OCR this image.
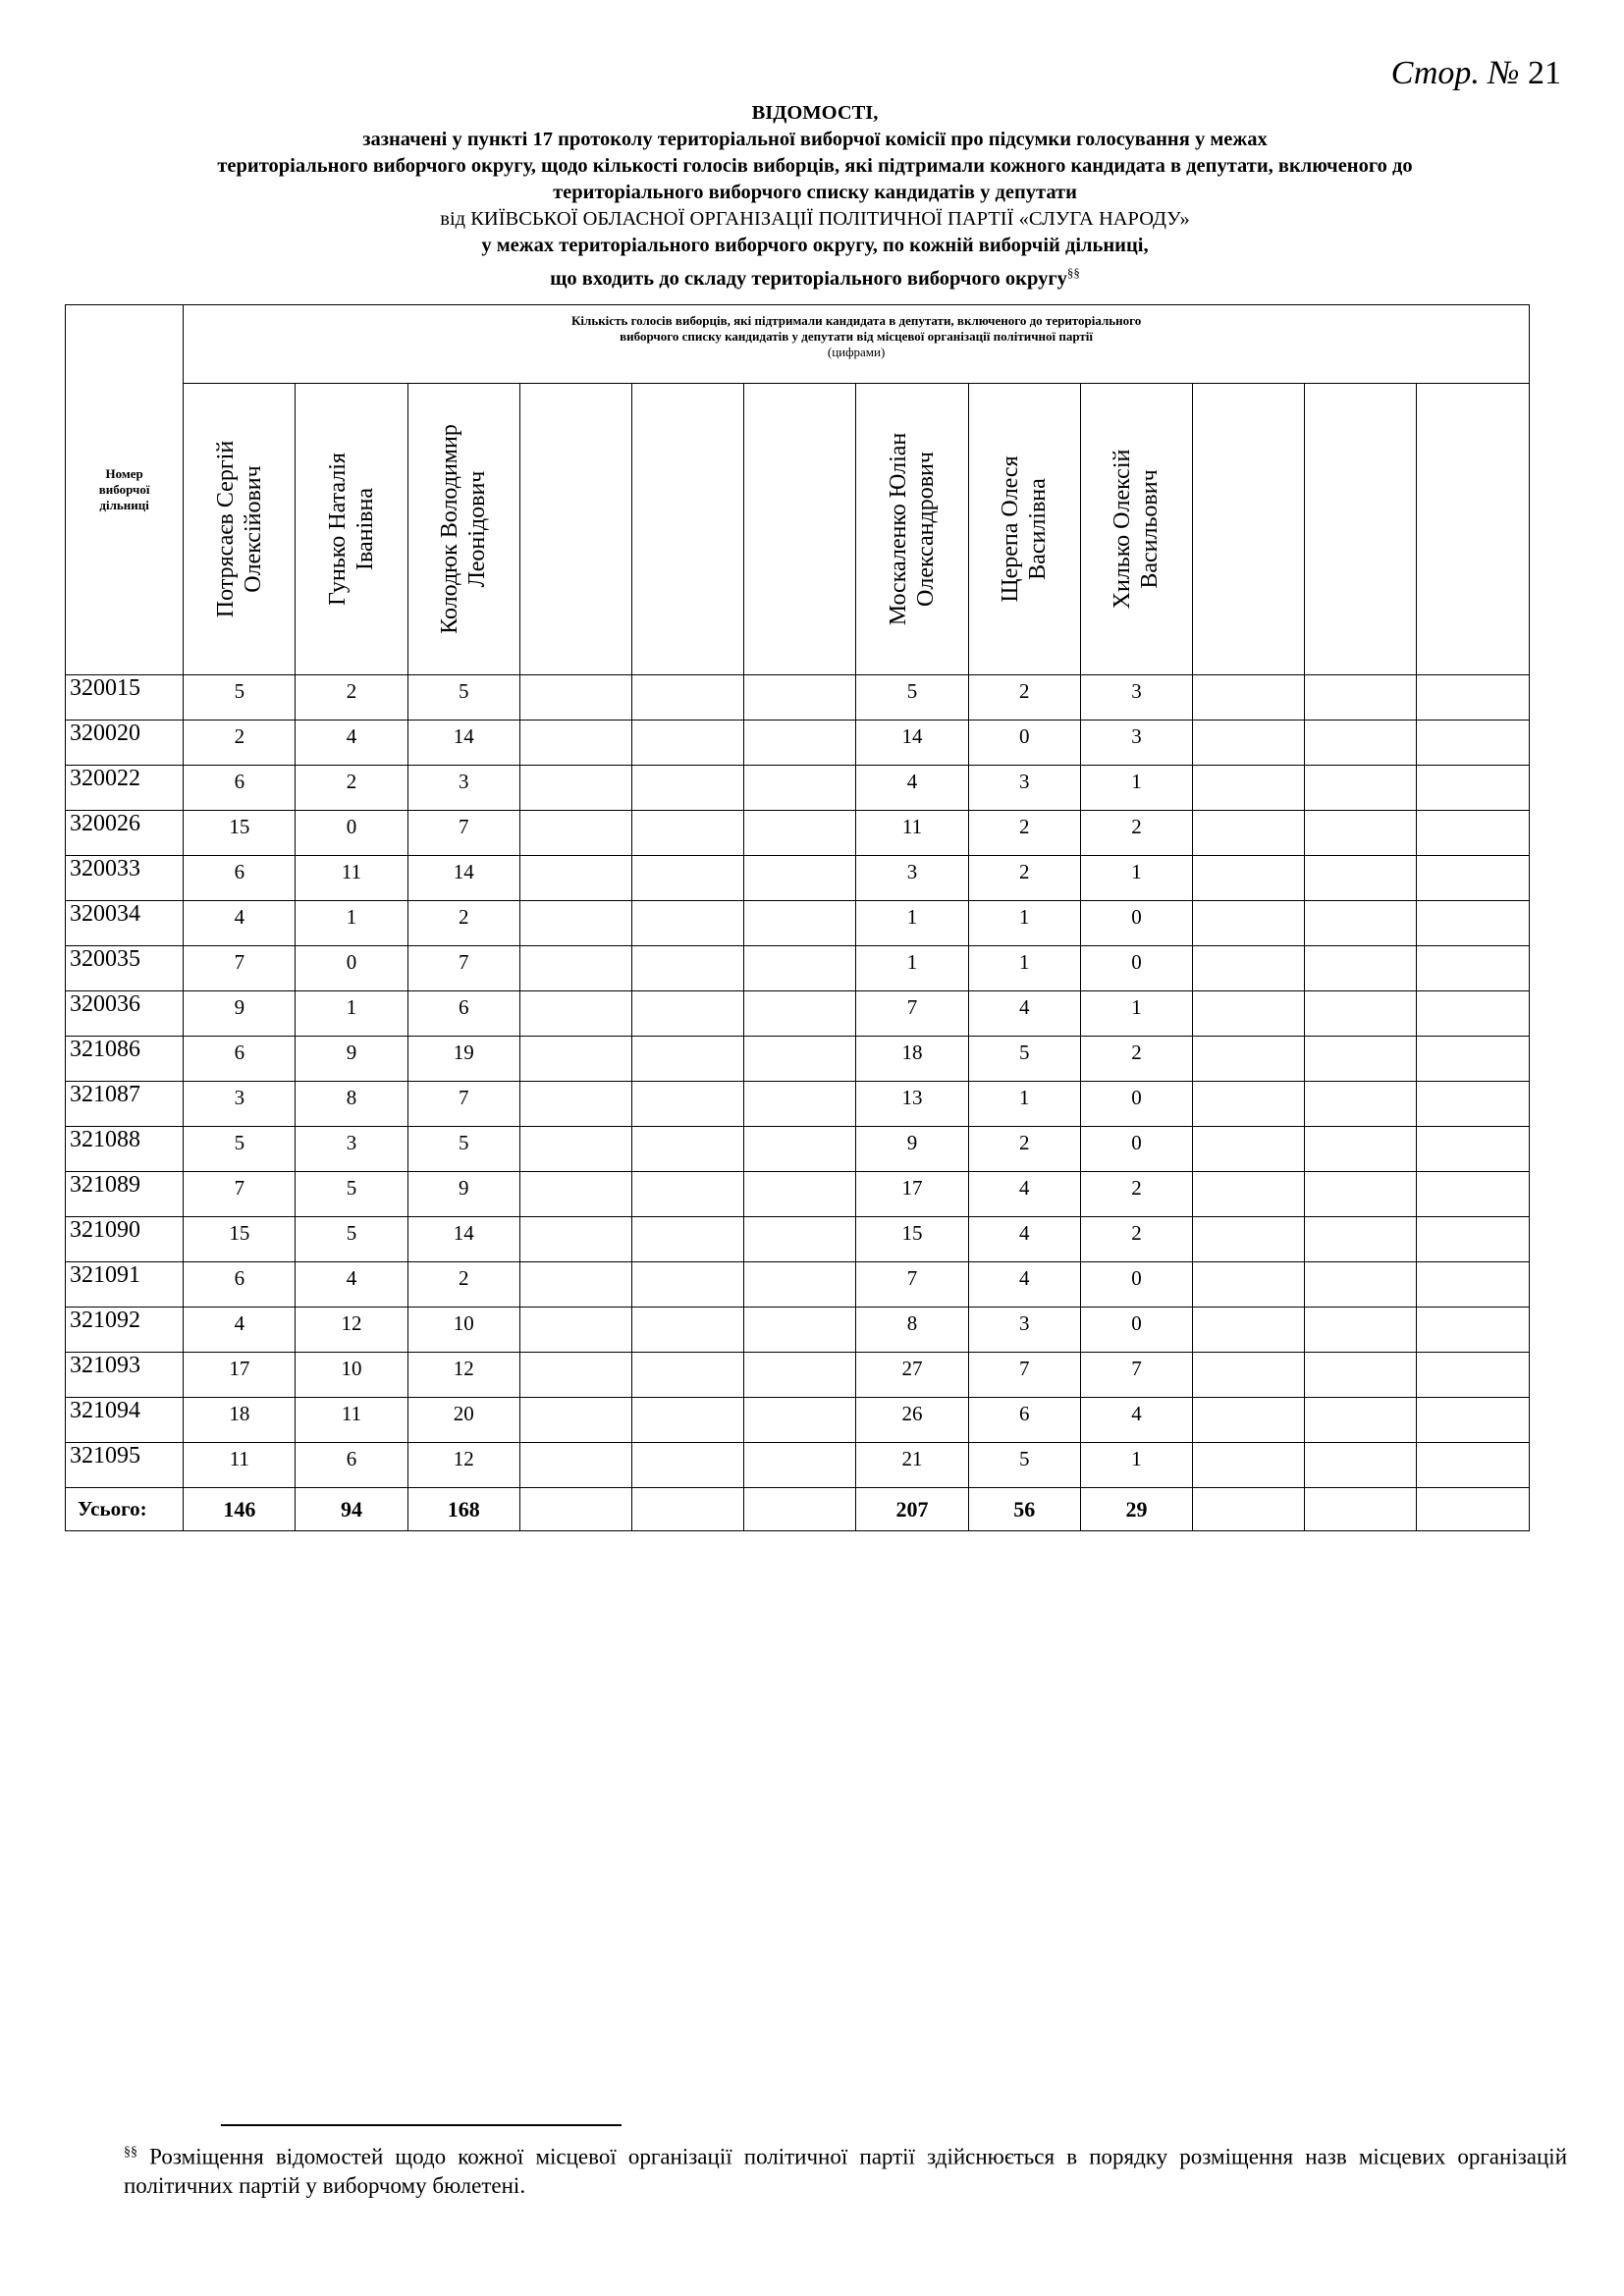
Стор. № 21
ВІДОМОСТІ,
зазначені у пункті 17 протоколу територіальної виборчої комісії про підсумки голосування у межах
територіального виборчого округу, щодо кількості голосів виборців, які підтримали кожного кандидата в депутати, включеного до
територіального виборчого списку кандидатів у депутати
від КИЇВСЬКОЇ ОБЛАСНОЇ ОРГАНІЗАЦІЇ ПОЛІТИЧНОЇ ПАРТІЇ «СЛУГА НАРОДУ»
у межах територіального виборчого округу, по кожній виборчій дільниці,
що входить до складу територіального виборчого округу§§
Номер
виборчої
дільниці	Кількість голосів виборців, які підтримали кандидата в депутати, включеного до територіального
виборчого списку кандидатів у депутати від місцевої організації політичної партії
(цифрами)											

	Потрясаєв Сергій Олексійович	Гунько Наталія Іванівна	Колодюк Володимир Леонідович				Москаленко Юліан Олександрович	Щерепа Олеся Василівна	Хилько Олексій Васильович			

320015	5	2	5				5	2	3			
320020	2	4	14				14	0	3			
320022	6	2	3				4	3	1			
320026	15	0	7				11	2	2			
320033	6	11	14				3	2	1			
320034	4	1	2				1	1	0			
320035	7	0	7				1	1	0			
320036	9	1	6				7	4	1			
321086	6	9	19				18	5	2			
321087	3	8	7				13	1	0			
321088	5	3	5				9	2	0			
321089	7	5	9				17	4	2			
321090	15	5	14				15	4	2			
321091	6	4	2				7	4	0			
321092	4	12	10				8	3	0			
321093	17	10	12				27	7	7			
321094	18	11	20				26	6	4			
321095	11	6	12				21	5	1			
Усього:	146	94	168				207	56	29			
§§ Розміщення відомостей щодо кожної місцевої організації політичної партії здійснюється в порядку розміщення назв місцевих організацій політичних партій у виборчому бюлетені.
